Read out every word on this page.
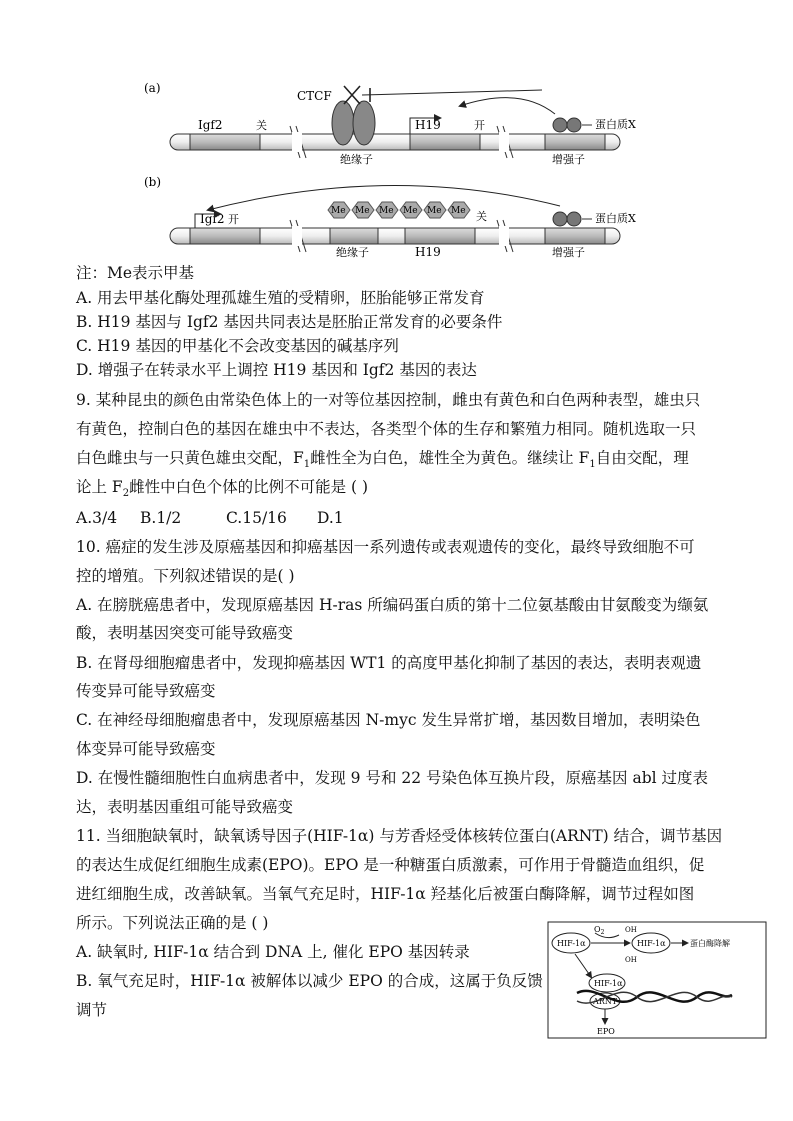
(a)
Igf2	关
CTCF
绝缘子
H19	开	蛋白质X
增强子
(b)
Igf2 开
Me Me Me Me Me Me 关
绝缘子	H19
蛋白质X
增强子
注：Me表示甲基
A. 用去甲基化酶处理孤雄生殖的受精卵，胚胎能够正常发育
B. H19 基因与 Igf2 基因共同表达是胚胎正常发育的必要条件
C. H19 基因的甲基化不会改变基因的碱基序列
D. 增强子在转录水平上调控 H19 基因和 Igf2 基因的表达
9. 某种昆虫的颜色由常染色体上的一对等位基因控制，雌虫有黄色和白色两种表型，雄虫只
有黄色，控制白色的基因在雄虫中不表达，各类型个体的生存和繁殖力相同。随机选取一只
白色雌虫与一只黄色雄虫交配，$F_1$雌性全为白色，雄性全为黄色。继续让 $F_1$自由交配，理
论上 $F_2$雌性中白色个体的比例不可能是 ( )
A.3/4 B.1/2	C.15/16 D.1
10. 癌症的发生涉及原癌基因和抑癌基因一系列遗传或表观遗传的变化，最终导致细胞不可
控的增殖。下列叙述错误的是( )
A. 在膀胱癌患者中，发现原癌基因 H-ras 所编码蛋白质的第十二位氨基酸由甘氨酸变为缬氨
酸，表明基因突变可能导致癌变
B. 在肾母细胞瘤患者中，发现抑癌基因 WT1 的高度甲基化抑制了基因的表达，表明表观遗
传变异可能导致癌变
C. 在神经母细胞瘤患者中，发现原癌基因 N-myc 发生异常扩增，基因数目增加，表明染色
体变异可能导致癌变
D. 在慢性髓细胞性白血病患者中，发现 9 号和 22 号染色体互换片段，原癌基因 abl 过度表
达，表明基因重组可能导致癌变
11. 当细胞缺氧时，缺氧诱导因子(HIF-1α) 与芳香烃受体核转位蛋白(ARNT) 结合，调节基因
的表达生成促红细胞生成素(EPO)。EPO 是一种糖蛋白质激素，可作用于骨髓造血组织，促
进红细胞生成，改善缺氧。当氧气充足时，HIF-1α 羟基化后被蛋白酶降解，调节过程如图
所示。下列说法正确的是 ( )
A. 缺氧时, HIF-1α 结合到 DNA 上, 催化 EPO 基因转录
B. 氧气充足时，HIF-1α 被解体以减少 EPO 的合成，这属于负反馈
调节
HIF-1α
$O_2$	OH
OH
HIF-1α	蛋白酶降解
HIF-1α
ARNT
EPO
